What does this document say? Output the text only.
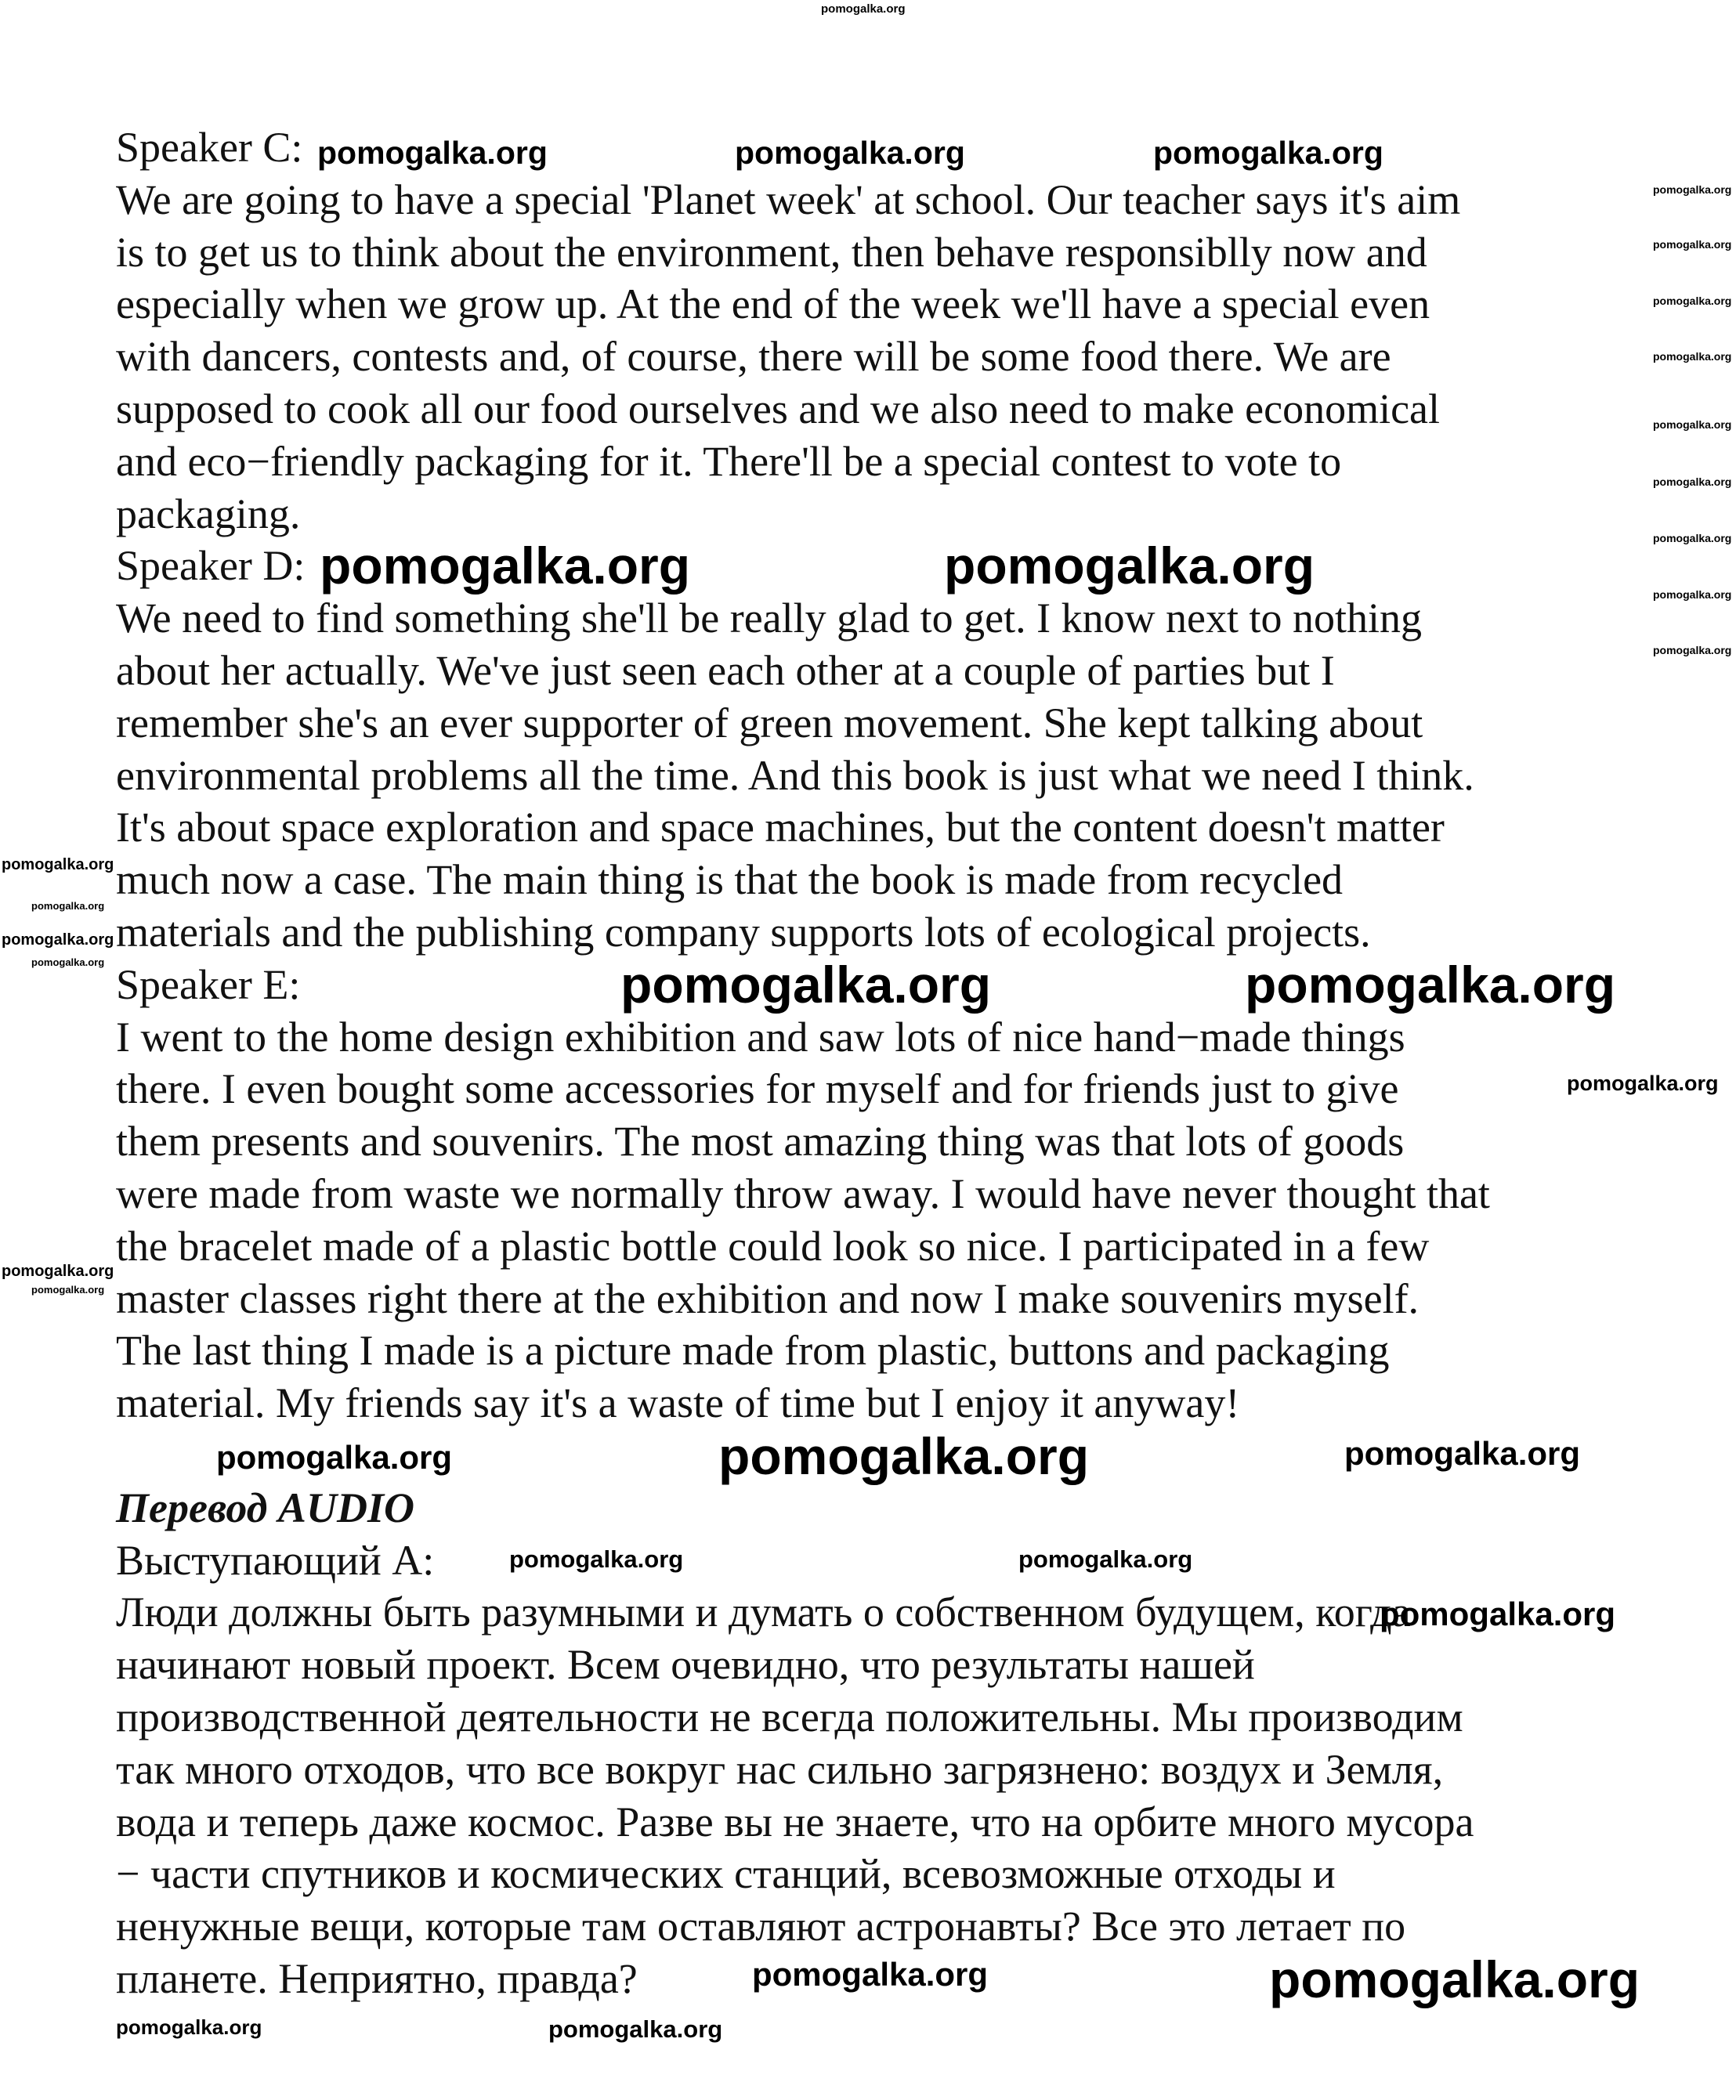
Speaker C:
We are going to have a special 'Planet week' at school. Our teacher says it's aim
is to get us to think about the environment, then behave responsiblly now and
especially when we grow up. At the end of the week we'll have a special even
with dancers, contests and, of course, there will be some food there. We are
supposed to cook all our food ourselves and we also need to make economical
and eco−friendly packaging for it. There'll be a special contest to vote to
packaging.
Speaker D:
We need to find something she'll be really glad to get. I know next to nothing
about her actually. We've just seen each other at a couple of parties but I
remember she's an ever supporter of green movement. She kept talking about
environmental problems all the time. And this book is just what we need I think.
It's about space exploration and space machines, but the content doesn't matter
much now a case. The main thing is that the book is made from recycled
materials and the publishing company supports lots of ecological projects.
Speaker E:
I went to the home design exhibition and saw lots of nice hand−made things
there. I even bought some accessories for myself and for friends just to give
them presents and souvenirs. The most amazing thing was that lots of goods
were made from waste we normally throw away. I would have never thought that
the bracelet made of a plastic bottle could look so nice. I participated in a few
master classes right there at the exhibition and now I make souvenirs myself.
The last thing I made is a picture made from plastic, buttons and packaging
material. My friends say it's a waste of time but I enjoy it anyway!
Перевод AUDIO
Выступающий А:
Люди должны быть разумными и думать о собственном будущем, когда
начинают новый проект. Всем очевидно, что результаты нашей
производственной деятельности не всегда положительны. Мы производим
так много отходов, что все вокруг нас сильно загрязнено: воздух и Земля,
вода и теперь даже космос. Разве вы не знаете, что на орбите много мусора
− части спутников и космических станций, всевозможные отходы и
ненужные вещи, которые там оставляют астронавты? Все это летает по
планете. Неприятно, правда?
pomogalka.org
pomogalka.org	pomogalka.org	pomogalka.org
pomogalka.org
pomogalka.org
pomogalka.org
pomogalka.org
pomogalka.org
pomogalka.org
pomogalka.org
pomogalka.org
pomogalka.org
pomogalka.org	pomogalka.org
pomogalka.org
pomogalka.org
pomogalka.org
pomogalka.org
pomogalka.org	pomogalka.org
pomogalka.org
pomogalka.org
pomogalka.org
pomogalka.org	pomogalka.org
pomogalka.org
pomogalka.org
pomogalka.org	pomogalka.org
pomogalka.org	pomogalka.org
pomogalka.org	pomogalka.org
